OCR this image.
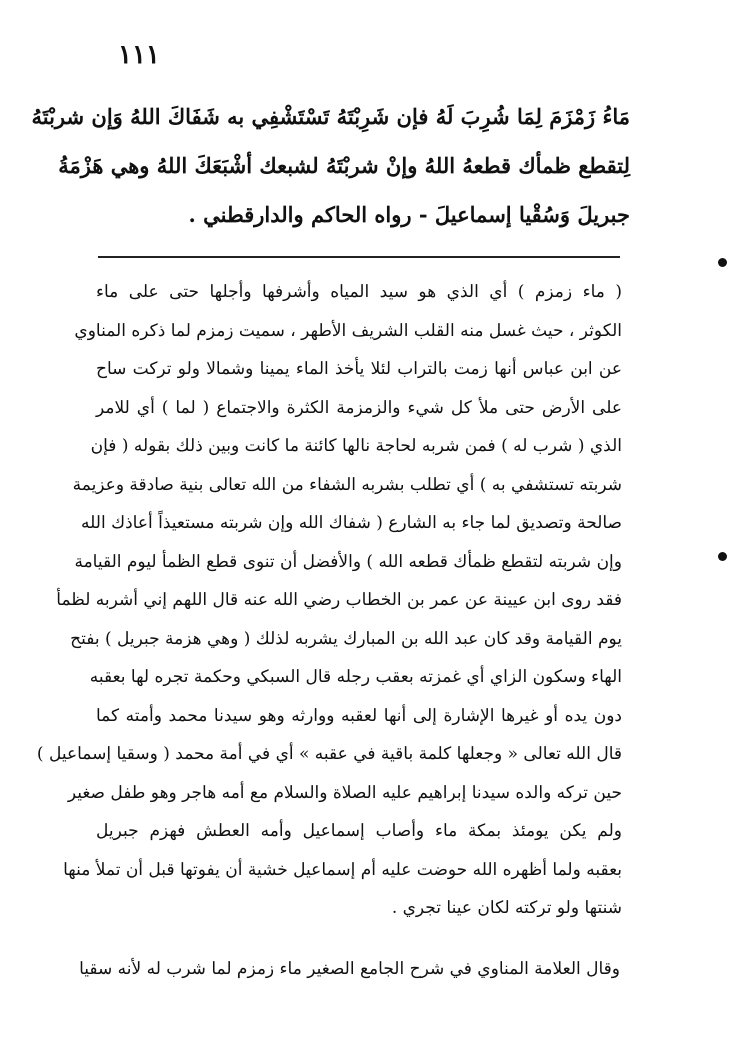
١١١
مَاءُ زَمْزَمَ لِمَا شُرِبَ لَهُ فإن شَرِبْتَهُ تَسْتَشْفِي به شَفَاكَ اللهُ وَإن شربْتَهُ
لِتقطع ظمأك قطعهُ اللهُ وإنْ شربْتَهُ لشبعك أشْبَعَكَ اللهُ وهي هَزْمَةُ
جبريلَ وَسُقْيا إسماعيلَ - رواه الحاكم والدارقطني .
( ماء زمزم ) أي الذي هو سيد المياه وأشرفها وأجلها حتى على ماء
الكوثر ، حيث غسل منه القلب الشريف الأطهر ، سميت زمزم لما ذكره المناوي
عن ابن عباس أنها زمت بالتراب لئلا يأخذ الماء يمينا وشمالا ولو تركت ساح
على الأرض حتى ملأ كل شيء والزمزمة الكثرة والاجتماع ( لما ) أي للامر
الذي ( شرب له ) فمن شربه لحاجة نالها كائنة ما كانت وبين ذلك بقوله ( فإن
شربته تستشفي به ) أي تطلب بشربه الشفاء من الله تعالى بنية صادقة وعزيمة
صالحة وتصديق لما جاء به الشارع ( شفاك الله وإن شربته مستعيذاً أعاذك الله
وإن شربته لتقطع ظمأك قطعه الله ) والأفضل أن تنوى قطع الظمأ ليوم القيامة
فقد روى ابن عيينة عن عمر بن الخطاب رضي الله عنه قال اللهم إني أشربه لظمأ
يوم القيامة وقد كان عبد الله بن المبارك يشربه لذلك ( وهي هزمة جبريل ) بفتح
الهاء وسكون الزاي أي غمزته بعقب رجله قال السبكي وحكمة تجره لها بعقبه
دون يده أو غيرها الإشارة إلى أنها لعقبه ووارثه وهو سيدنا محمد وأمته كما
قال الله تعالى « وجعلها كلمة باقية في عقبه » أي في أمة محمد ( وسقيا إسماعيل )
حين تركه والده سيدنا إبراهيم عليه الصلاة والسلام مع أمه هاجر وهو طفل صغير
ولم يكن يومئذ بمكة ماء وأصاب إسماعيل وأمه العطش فهزم جبريل
بعقبه ولما أظهره الله حوضت عليه أم إسماعيل خشية أن يفوتها قبل أن تملأ منها
شنتها ولو تركته لكان عينا تجري .
وقال العلامة المناوي في شرح الجامع الصغير ماء زمزم لما شرب له لأنه سقيا
